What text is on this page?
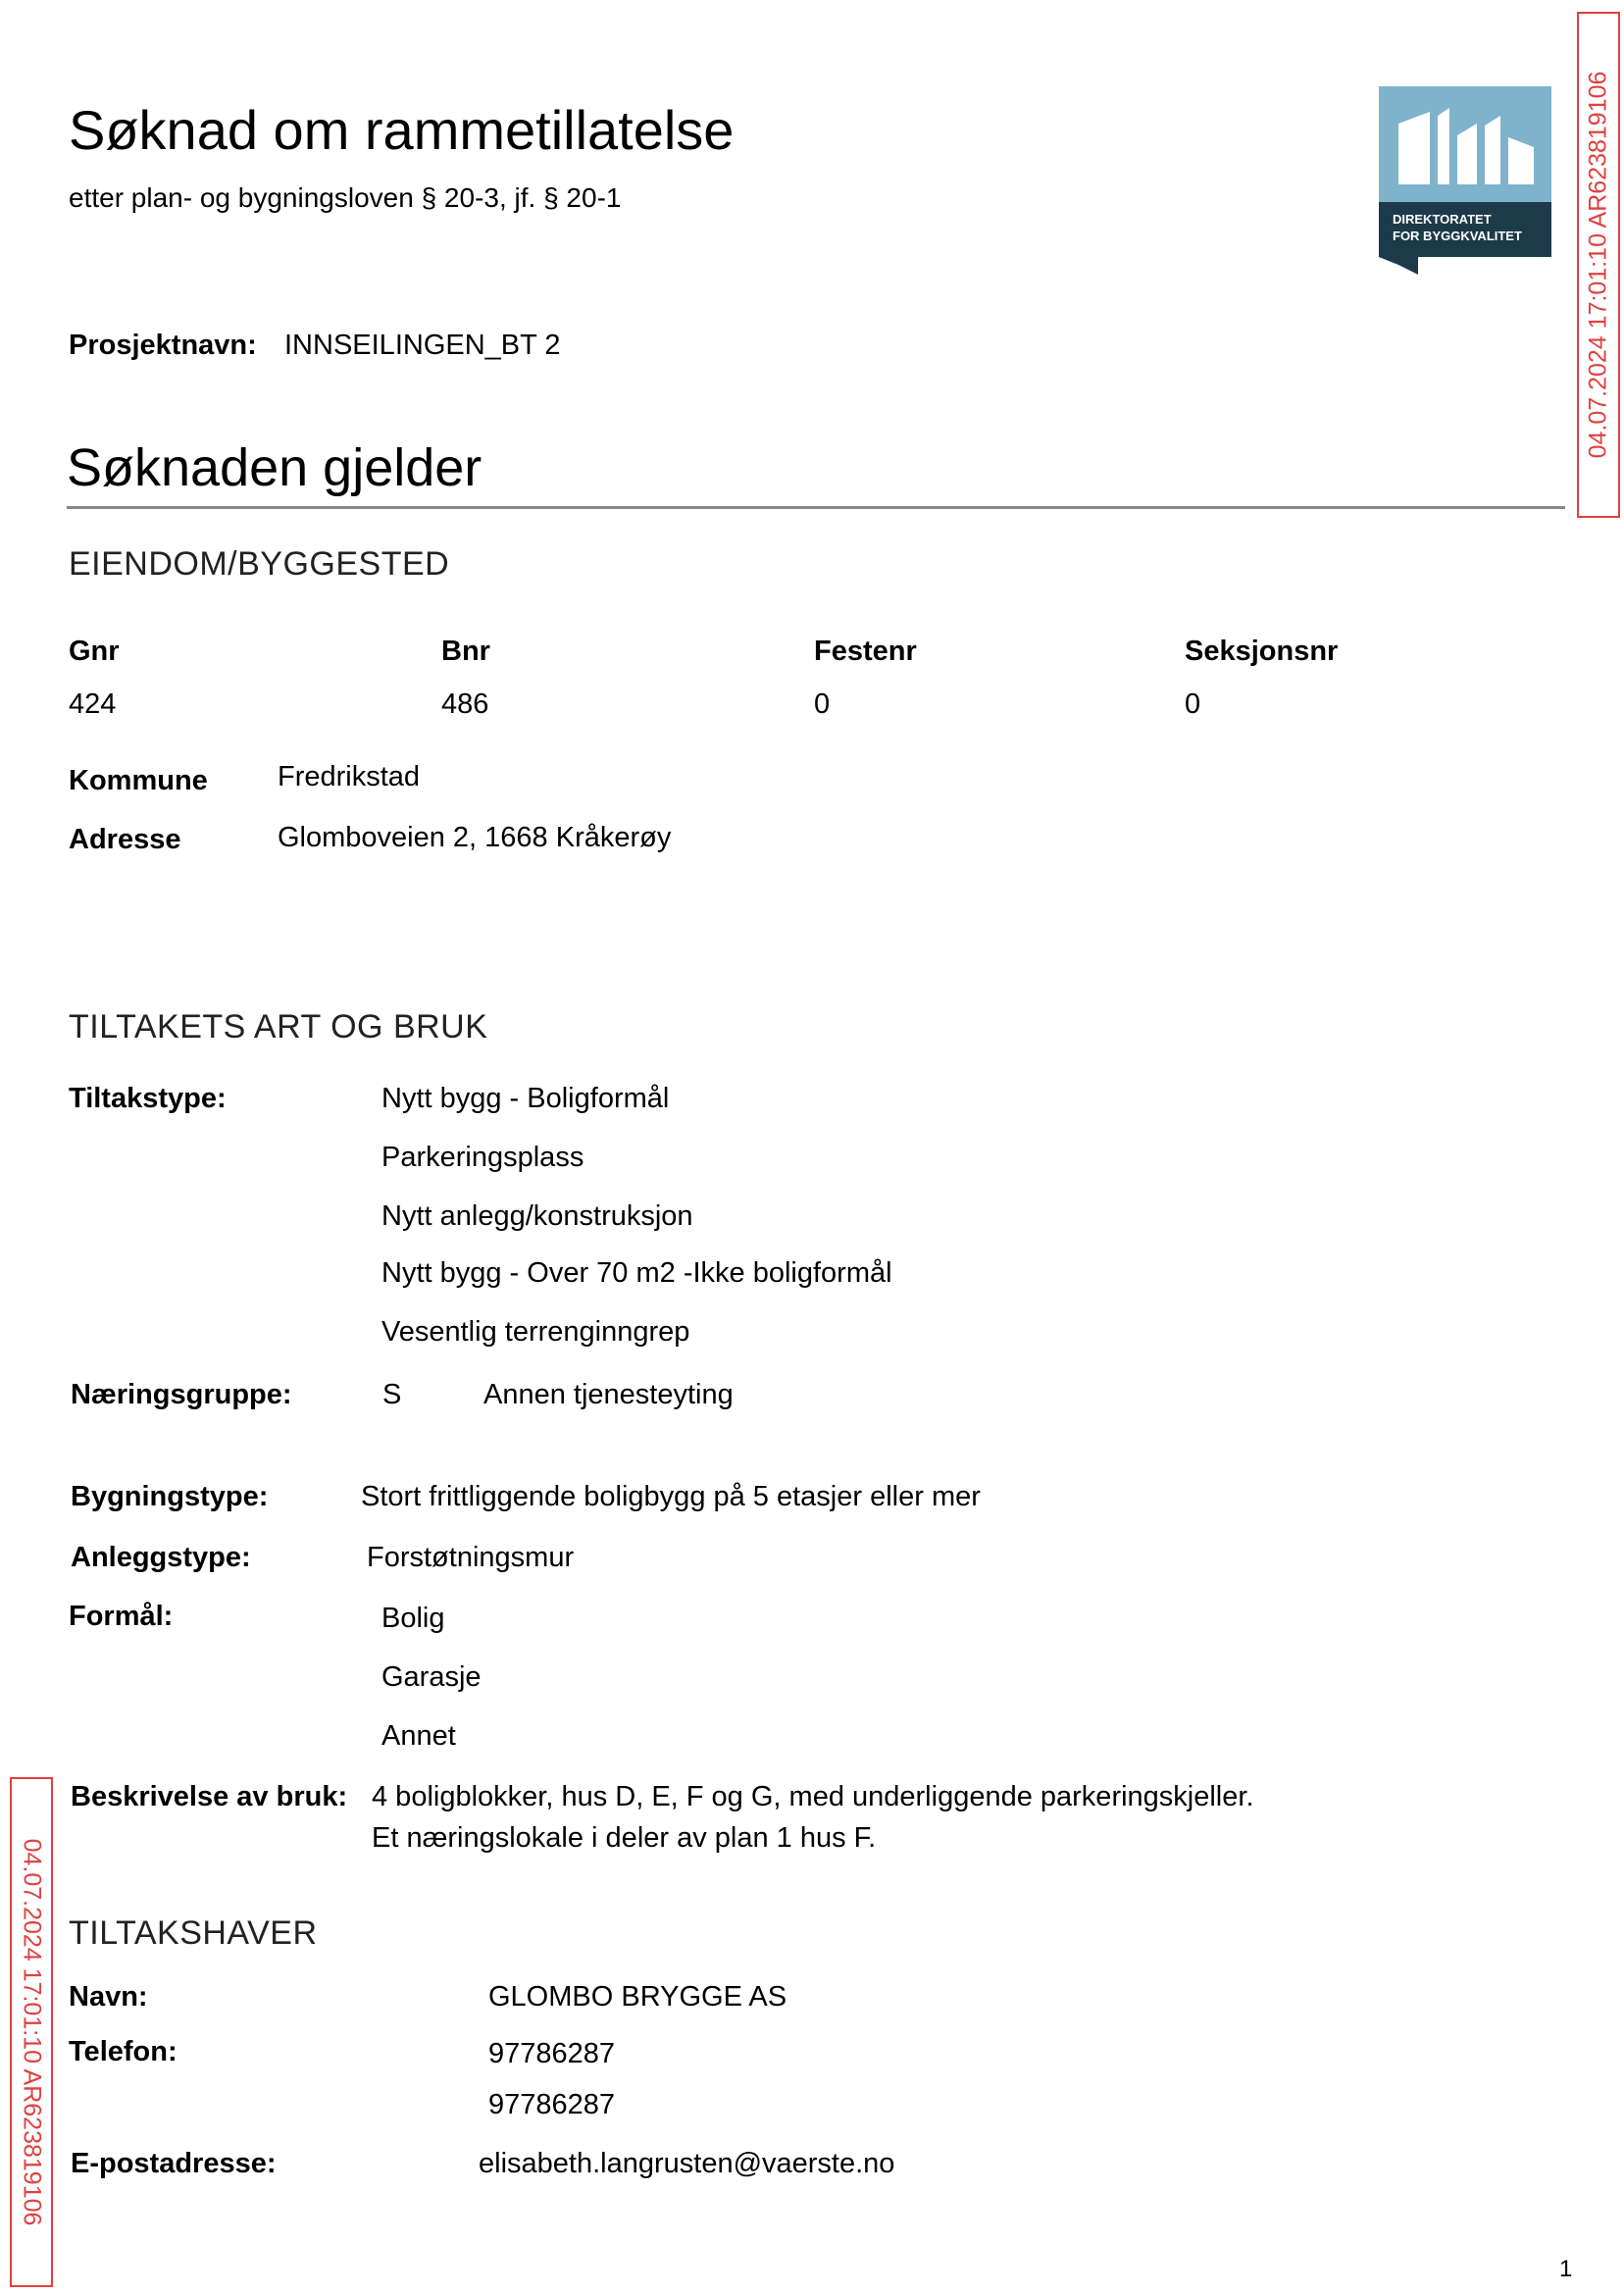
Søknad om rammetillatelse
etter plan- og bygningsloven § 20-3, jf. § 20-1
DIREKTORATET
FOR BYGGKVALITET	04.07.2024 17:01:10 AR623819106
04.07.2024 17:01:10 AR623819106
Prosjektnavn: INNSEILINGEN_BT 2
Søknaden gjelder
EIENDOM/BYGGESTED
Gnr	Bnr	Festenr	Seksjonsnr
424	486	0	0
Kommune Fredrikstad
Adresse	Glomboveien 2, 1668 Kråkerøy
TILTAKETS ART OG BRUK
Tiltakstype:	Nytt bygg - Boligformål
Parkeringsplass
Nytt anlegg/konstruksjon
Nytt bygg - Over 70 m2 -Ikke boligformål
Vesentlig terrenginngrep
Næringsgruppe:	S	Annen tjenesteyting
Bygningstype:	Stort frittliggende boligbygg på 5 etasjer eller mer
Anleggstype:	Forstøtningsmur
Formål:	Bolig
Garasje
Annet
Beskrivelse av bruk: 4 boligblokker, hus D, E, F og G, med underliggende parkeringskjeller.
Et næringslokale i deler av plan 1 hus F.
TILTAKSHAVER
Navn:	GLOMBO BRYGGE AS
Telefon:	97786287
97786287
E-postadresse:	elisabeth.langrusten@vaerste.no
1
